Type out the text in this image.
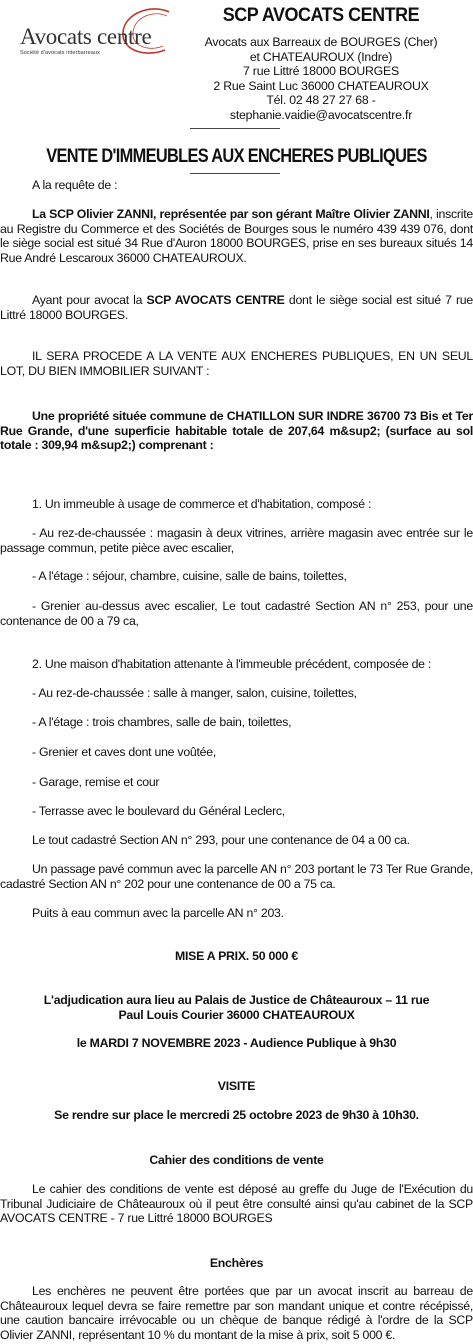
Avocats centre
Société d'avocats interbarreaux
SCP AVOCATS CENTRE
Avocats aux Barreaux de BOURGES (Cher)
et CHATEAUROUX (Indre)
7 rue Littré 18000 BOURGES
2 Rue Saint Luc 36000 CHATEAUROUX
Tél. 02 48 27 27 68 -
stephanie.vaidie@avocatscentre.fr
VENTE D'IMMEUBLES AUX ENCHERES PUBLIQUES
A la requête de :
La SCP Olivier ZANNI, représentée par son gérant Maître Olivier ZANNI, inscrite au Registre du Commerce et des Sociétés de Bourges sous le numéro 439 439 076, dont le siège social est situé 34 Rue d'Auron 18000 BOURGES, prise en ses bureaux situés 14 Rue André Lescaroux 36000 CHATEAUROUX.
Ayant pour avocat la SCP AVOCATS CENTRE dont le siège social est situé 7 rue Littré 18000 BOURGES.
IL SERA PROCEDE A LA VENTE AUX ENCHERES PUBLIQUES, EN UN SEUL LOT, DU BIEN IMMOBILIER SUIVANT :
Une propriété située commune de CHATILLON SUR INDRE 36700 73 Bis et Ter Rue Grande, d'une superficie habitable totale de 207,64 m&sup2; (surface au sol totale : 309,94 m&sup2;) comprenant :
1. Un immeuble à usage de commerce et d'habitation, composé :
- Au rez-de-chaussée : magasin à deux vitrines, arrière magasin avec entrée sur le passage commun, petite pièce avec escalier,
- A l'étage : séjour, chambre, cuisine, salle de bains, toilettes,
- Grenier au-dessus avec escalier, Le tout cadastré Section AN n° 253, pour une contenance de 00 a 79 ca,
2. Une maison d'habitation attenante à l'immeuble précédent, composée de :
- Au rez-de-chaussée : salle à manger, salon, cuisine, toilettes,
- A l'étage : trois chambres, salle de bain, toilettes,
- Grenier et caves dont une voûtée,
- Garage, remise et cour
- Terrasse avec le boulevard du Général Leclerc,
Le tout cadastré Section AN n° 293, pour une contenance de 04 a 00 ca.
Un passage pavé commun avec la parcelle AN n° 203 portant le 73 Ter Rue Grande, cadastré Section AN n° 202 pour une contenance de 00 a 75 ca.
Puits à eau commun avec la parcelle AN n° 203.
MISE A PRIX. 50 000 €
L'adjudication aura lieu au Palais de Justice de Châteauroux – 11 rue Paul Louis Courier 36000 CHATEAUROUX
le MARDI 7 NOVEMBRE 2023 - Audience Publique à 9h30
VISITE
Se rendre sur place le mercredi 25 octobre 2023 de 9h30 à 10h30.
Cahier des conditions de vente
Le cahier des conditions de vente est déposé au greffe du Juge de l'Exécution du Tribunal Judiciaire de Châteauroux où il peut être consulté ainsi qu'au cabinet de la SCP AVOCATS CENTRE - 7 rue Littré 18000 BOURGES
Enchères
Les enchères ne peuvent être portées que par un avocat inscrit au barreau de Châteauroux lequel devra se faire remettre par son mandant unique et contre récépissé, une caution bancaire irrévocable ou un chèque de banque rédigé à l'ordre de la SCP Olivier ZANNI, représentant 10 % du montant de la mise à prix, soit 5 000 €.
